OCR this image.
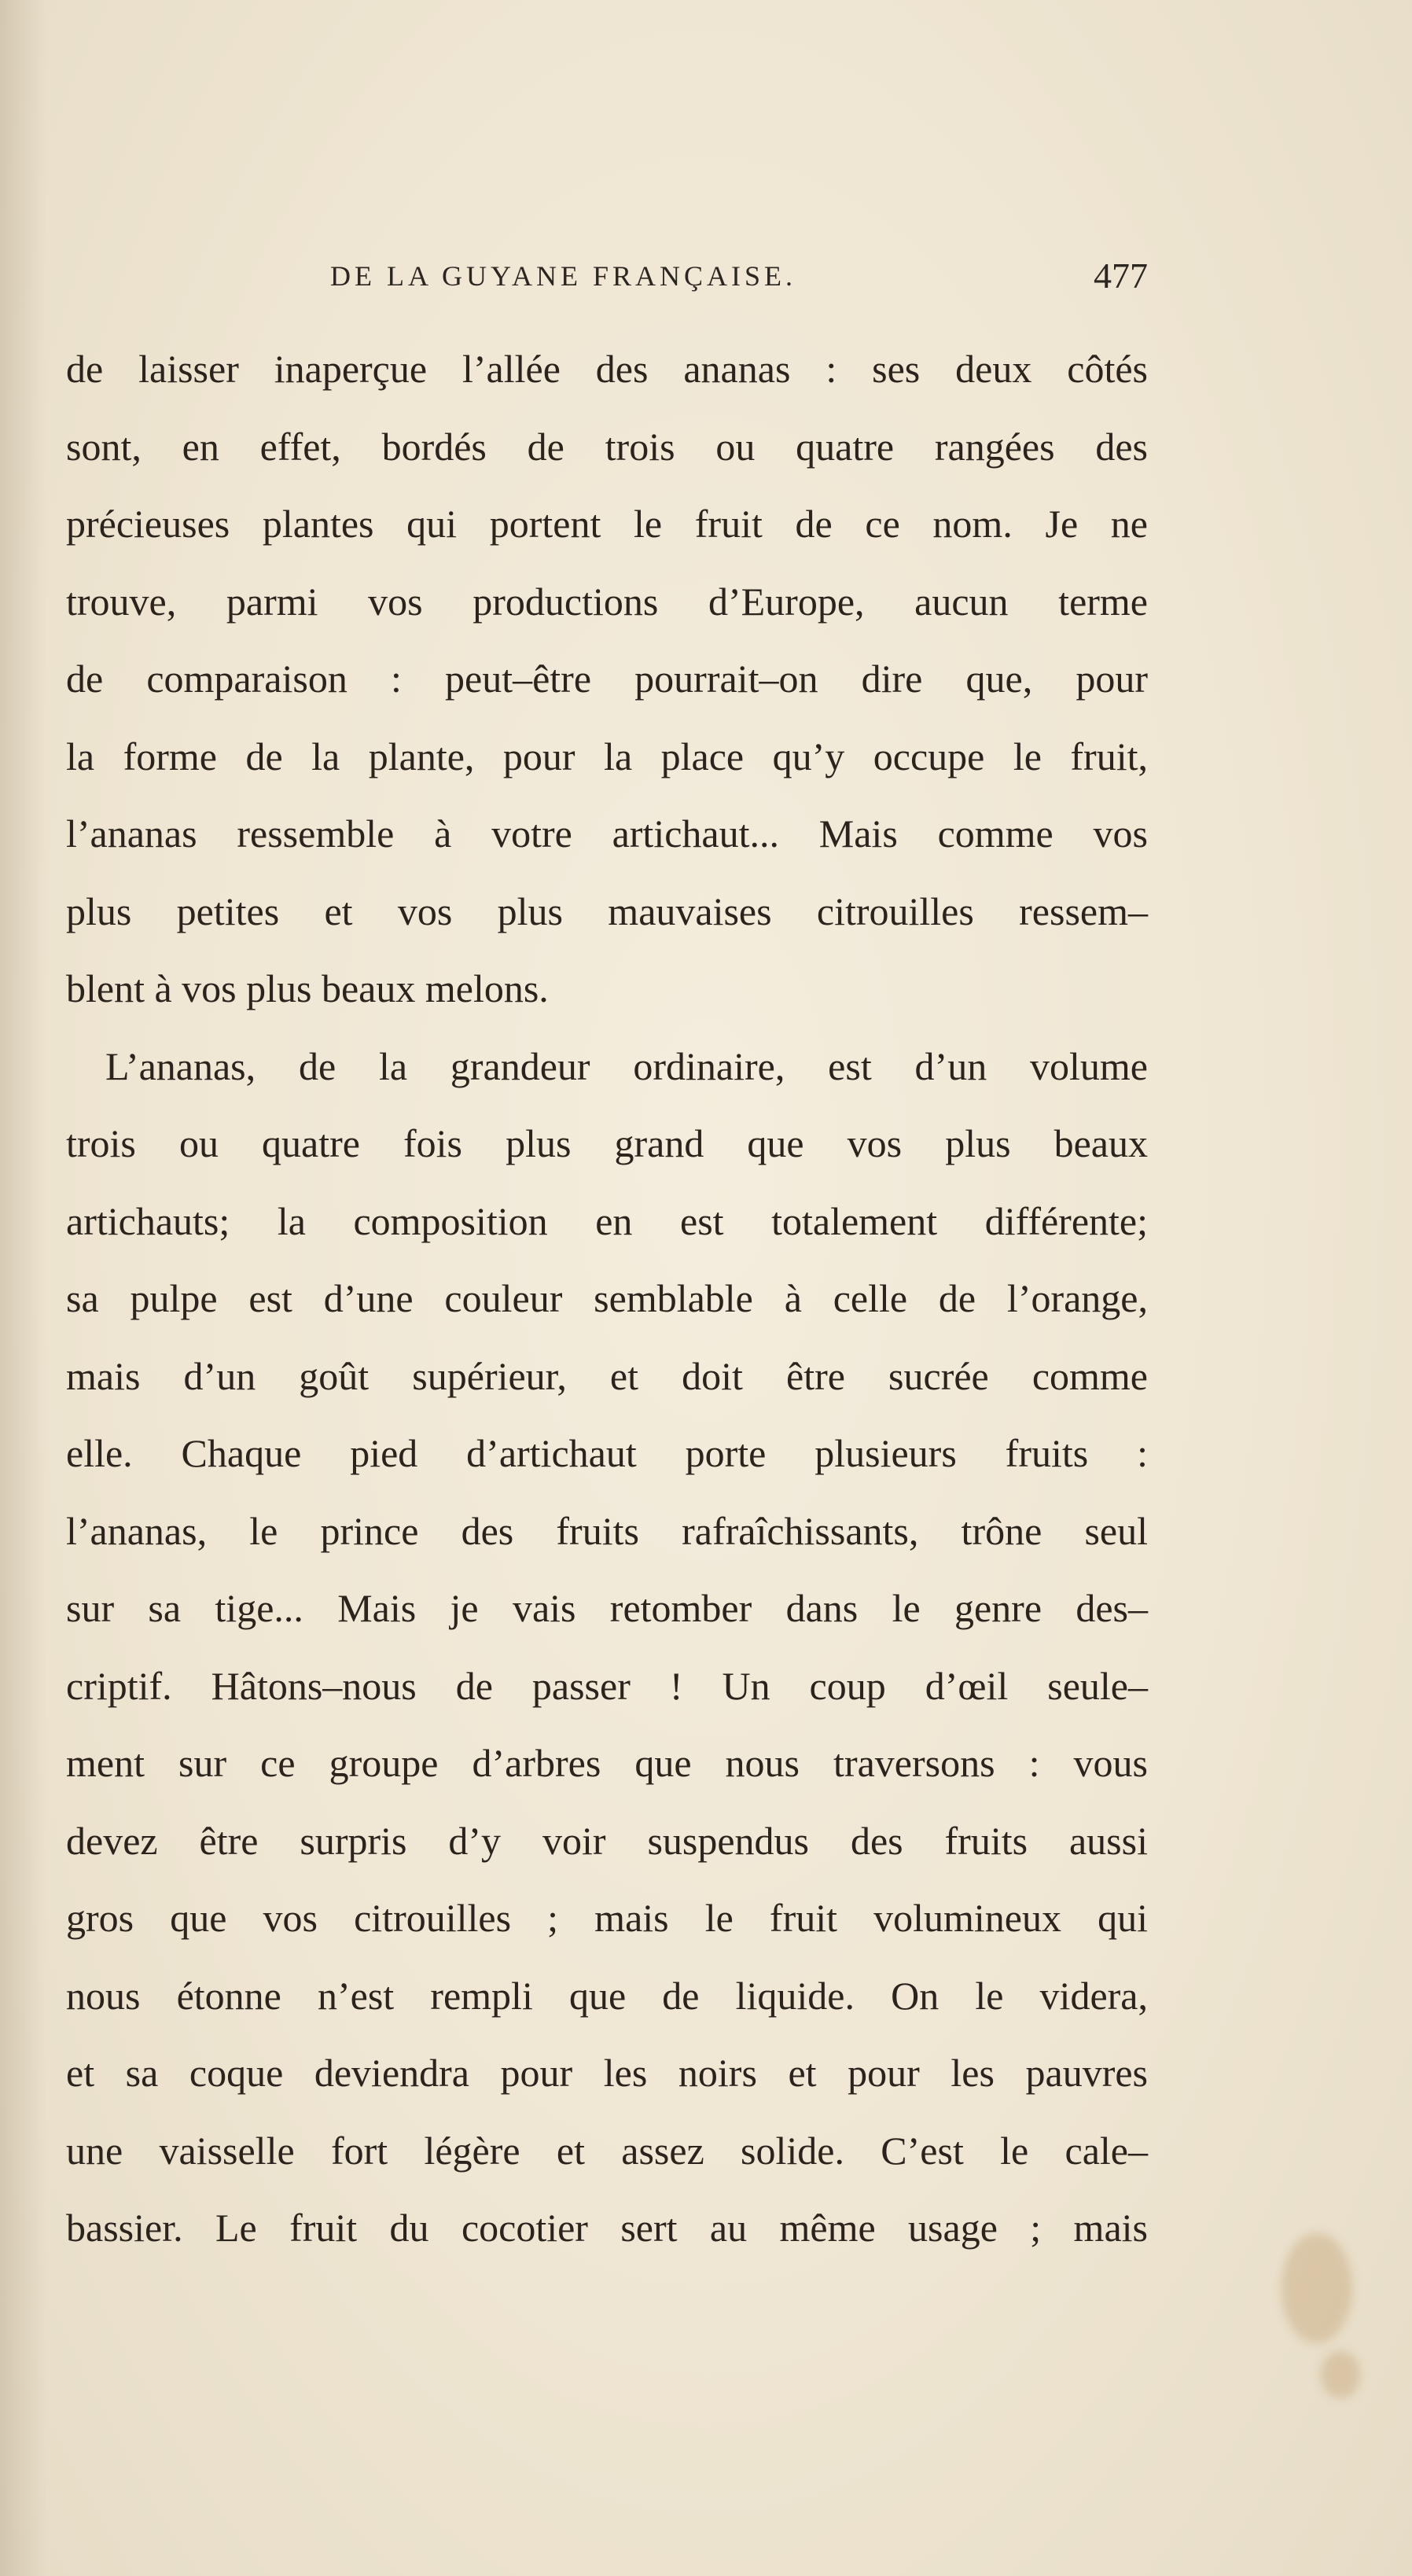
DE LA GUYANE FRANÇAISE.	477
de laisser inaperçue l’allée des ananas : ses deux côtés
sont, en effet, bordés de trois ou quatre rangées des
précieuses plantes qui portent le fruit de ce nom. Je ne
trouve, parmi vos productions d’Europe, aucun terme
de comparaison : peut–être pourrait–on dire que, pour
la forme de la plante, pour la place qu’y occupe le fruit,
l’ananas ressemble à votre artichaut... Mais comme vos
plus petites et vos plus mauvaises citrouilles ressem–
blent à vos plus beaux melons.
L’ananas, de la grandeur ordinaire, est d’un volume
trois ou quatre fois plus grand que vos plus beaux
artichauts; la composition en est totalement différente;
sa pulpe est d’une couleur semblable à celle de l’orange,
mais d’un goût supérieur, et doit être sucrée comme
elle. Chaque pied d’artichaut porte plusieurs fruits :
l’ananas, le prince des fruits rafraîchissants, trône seul
sur sa tige... Mais je vais retomber dans le genre des–
criptif. Hâtons–nous de passer ! Un coup d’œil seule–
ment sur ce groupe d’arbres que nous traversons : vous
devez être surpris d’y voir suspendus des fruits aussi
gros que vos citrouilles ; mais le fruit volumineux qui
nous étonne n’est rempli que de liquide. On le videra,
et sa coque deviendra pour les noirs et pour les pauvres
une vaisselle fort légère et assez solide. C’est le cale–
bassier. Le fruit du cocotier sert au même usage ; mais
